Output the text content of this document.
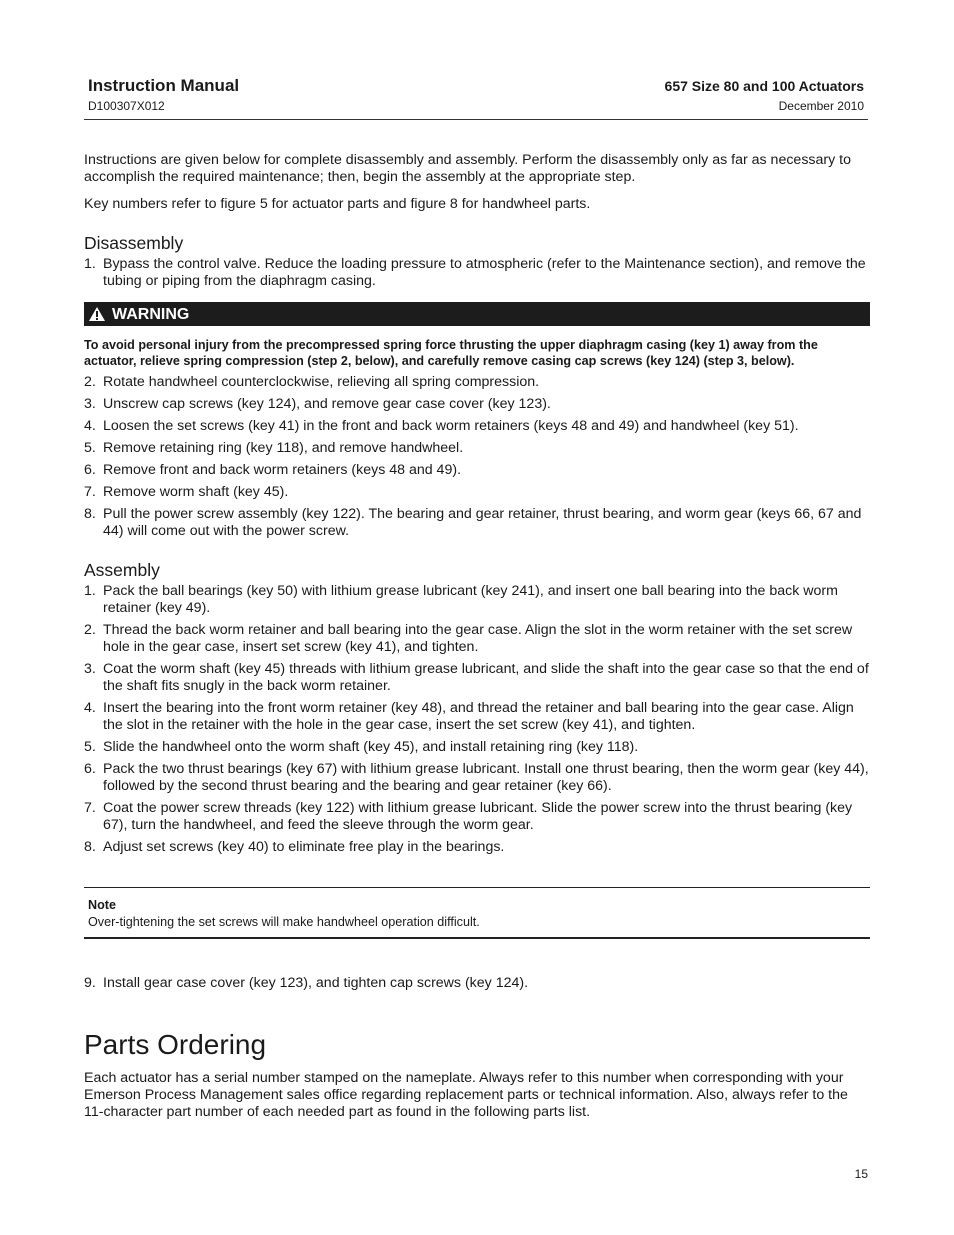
Instruction Manual
D100307X012
657 Size 80 and 100 Actuators
December 2010

Instructions are given below for complete disassembly and assembly. Perform the disassembly only as far as necessary to accomplish the required maintenance; then, begin the assembly at the appropriate step.

Key numbers refer to figure 5 for actuator parts and figure 8 for handwheel parts.

Disassembly
1. Bypass the control valve. Reduce the loading pressure to atmospheric (refer to the Maintenance section), and remove the tubing or piping from the diaphragm casing.
WARNING

To avoid personal injury from the precompressed spring force thrusting the upper diaphragm casing (key 1) away from the actuator, relieve spring compression (step 2, below), and carefully remove casing cap screws (key 124) (step 3, below).

2. Rotate handwheel counterclockwise, relieving all spring compression.
3. Unscrew cap screws (key 124), and remove gear case cover (key 123).
4. Loosen the set screws (key 41) in the front and back worm retainers (keys 48 and 49) and handwheel (key 51).
5. Remove retaining ring (key 118), and remove handwheel.
6. Remove front and back worm retainers (keys 48 and 49).
7. Remove worm shaft (key 45).
8. Pull the power screw assembly (key 122). The bearing and gear retainer, thrust bearing, and worm gear (keys 66, 67 and 44) will come out with the power screw.
Assembly
1. Pack the ball bearings (key 50) with lithium grease lubricant (key 241), and insert one ball bearing into the back worm retainer (key 49).
2. Thread the back worm retainer and ball bearing into the gear case. Align the slot in the worm retainer with the set screw hole in the gear case, insert set screw (key 41), and tighten.
3. Coat the worm shaft (key 45) threads with lithium grease lubricant, and slide the shaft into the gear case so that the end of the shaft fits snugly in the back worm retainer.
4. Insert the bearing into the front worm retainer (key 48), and thread the retainer and ball bearing into the gear case. Align the slot in the retainer with the hole in the gear case, insert the set screw (key 41), and tighten.
5. Slide the handwheel onto the worm shaft (key 45), and install retaining ring (key 118).
6. Pack the two thrust bearings (key 67) with lithium grease lubricant. Install one thrust bearing, then the worm gear (key 44), followed by the second thrust bearing and the bearing and gear retainer (key 66).
7. Coat the power screw threads (key 122) with lithium grease lubricant. Slide the power screw into the thrust bearing (key 67), turn the handwheel, and feed the sleeve through the worm gear.
8. Adjust set screws (key 40) to eliminate free play in the bearings.
Note
Over-tightening the set screws will make handwheel operation difficult.
9. Install gear case cover (key 123), and tighten cap screws (key 124).
Parts Ordering

Each actuator has a serial number stamped on the nameplate. Always refer to this number when corresponding with your Emerson Process Management sales office regarding replacement parts or technical information. Also, always refer to the 11-character part number of each needed part as found in the following parts list.

15
